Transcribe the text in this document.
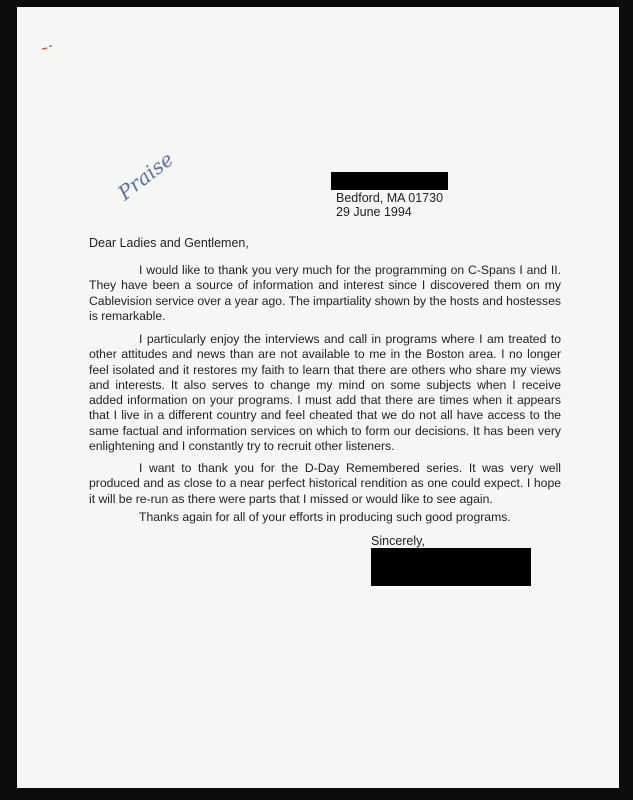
Praise	Bedford, MA 01730
29 June 1994
Dear Ladies and Gentlemen,

I would like to thank you very much for the programming on C-Spans I and II. They have been a source of information and interest since I discovered them on my Cablevision service over a year ago. The impartiality shown by the hosts and hostesses is remarkable.

I particularly enjoy the interviews and call in programs where I am treated to other attitudes and news than are not available to me in the Boston area. I no longer feel isolated and it restores my faith to learn that there are others who share my views and interests. It also serves to change my mind on some subjects when I receive added information on your programs. I must add that there are times when it appears that I live in a different country and feel cheated that we do not all have access to the same factual and information services on which to form our decisions. It has been very enlightening and I constantly try to recruit other listeners.

I want to thank you for the D-Day Remembered series. It was very well produced and as close to a near perfect historical rendition as one could expect. I hope it will be re-run as there were parts that I missed or would like to see again.

Thanks again for all of your efforts in producing such good programs.

Sincerely,
